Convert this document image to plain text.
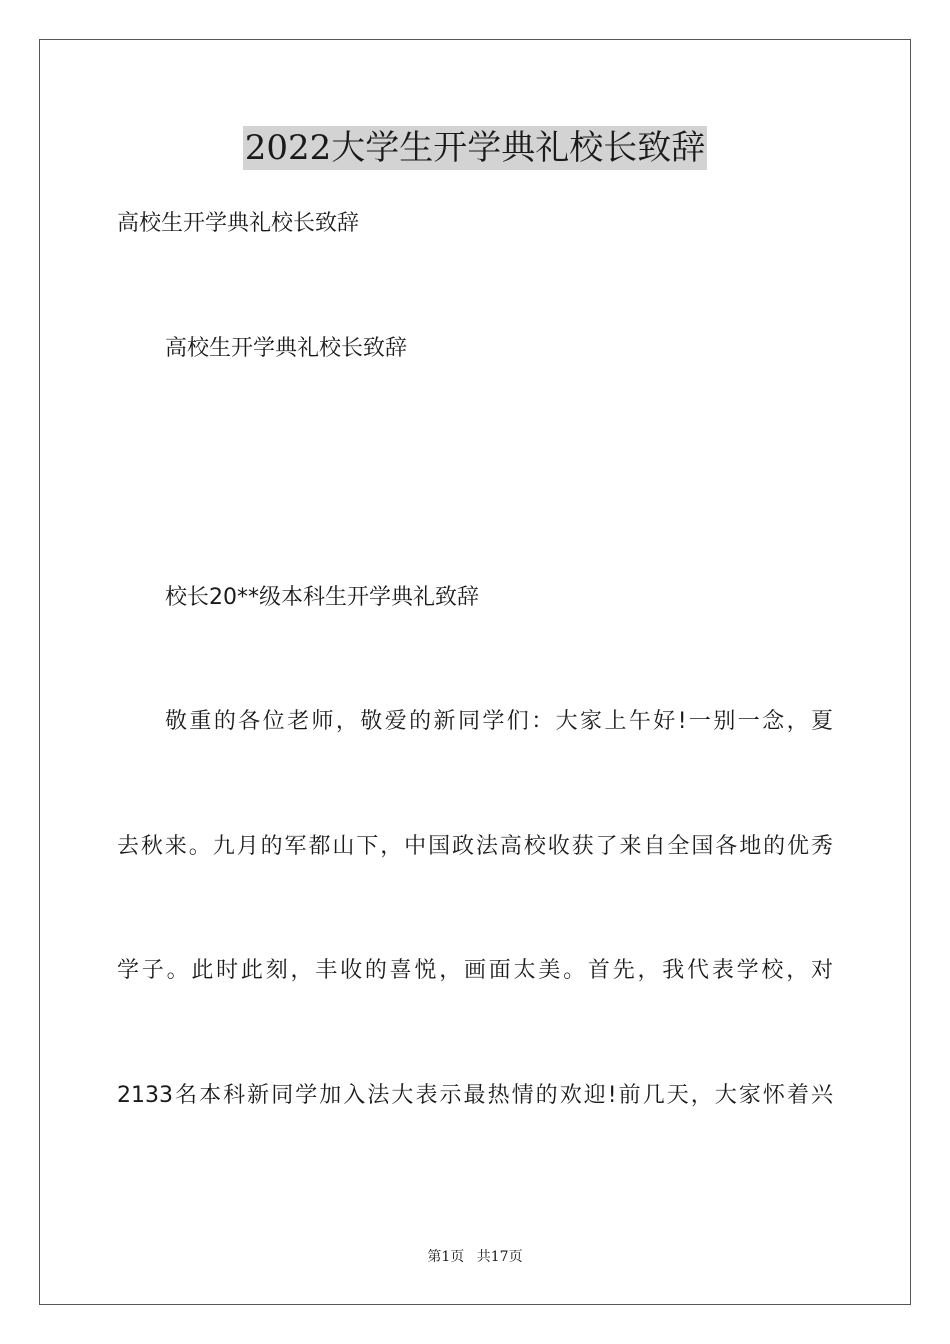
2022大学生开学典礼校长致辞
高校生开学典礼校长致辞
高校生开学典礼校长致辞
校长20**级本科生开学典礼致辞
敬重的各位老师，敬爱的新同学们：大家上午好!一别一念，夏
去秋来。九月的军都山下，中国政法高校收获了来自全国各地的优秀
学子。此时此刻，丰收的喜悦，画面太美。首先，我代表学校，对
2133名本科新同学加入法大表示最热情的欢迎!前几天，大家怀着兴
第1页 共17页
